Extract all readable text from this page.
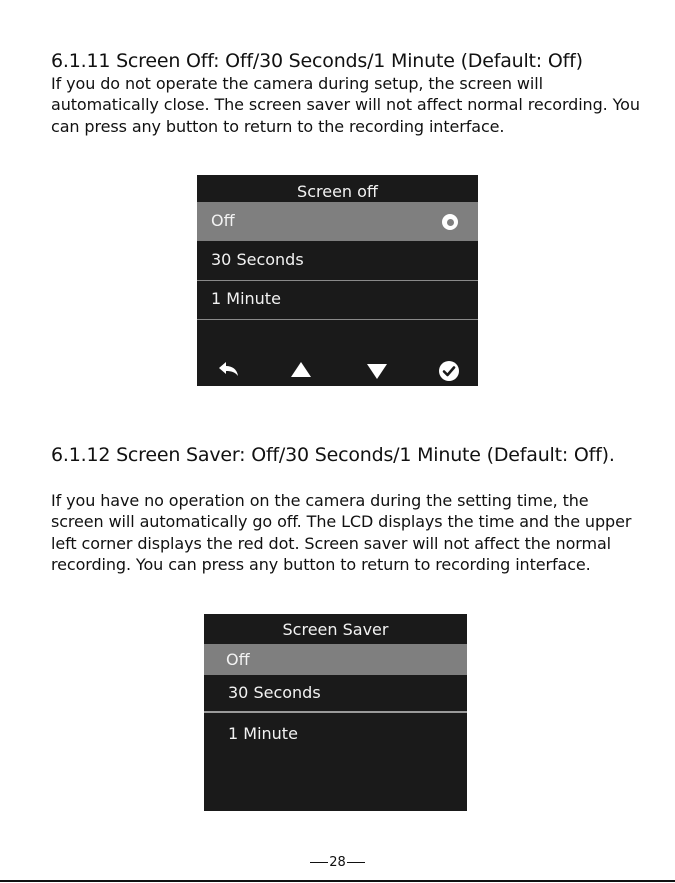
6.1.11 Screen Off: Off/30 Seconds/1 Minute (Default: Off)

If you do not operate the camera during setup, the screen will automatically close. The screen saver will not affect normal recording. You can press any button to return to the recording interface.

Screen off
Off
30 Seconds
1 Minute
6.1.12 Screen Saver: Off/30 Seconds/1 Minute (Default: Off).

If you have no operation on the camera during the setting time, the screen will automatically go off. The LCD displays the time and the upper left corner displays the red dot. Screen saver will not affect the normal recording. You can press any button to return to recording interface.

Screen Saver
Off
30 Seconds
1 Minute
28
